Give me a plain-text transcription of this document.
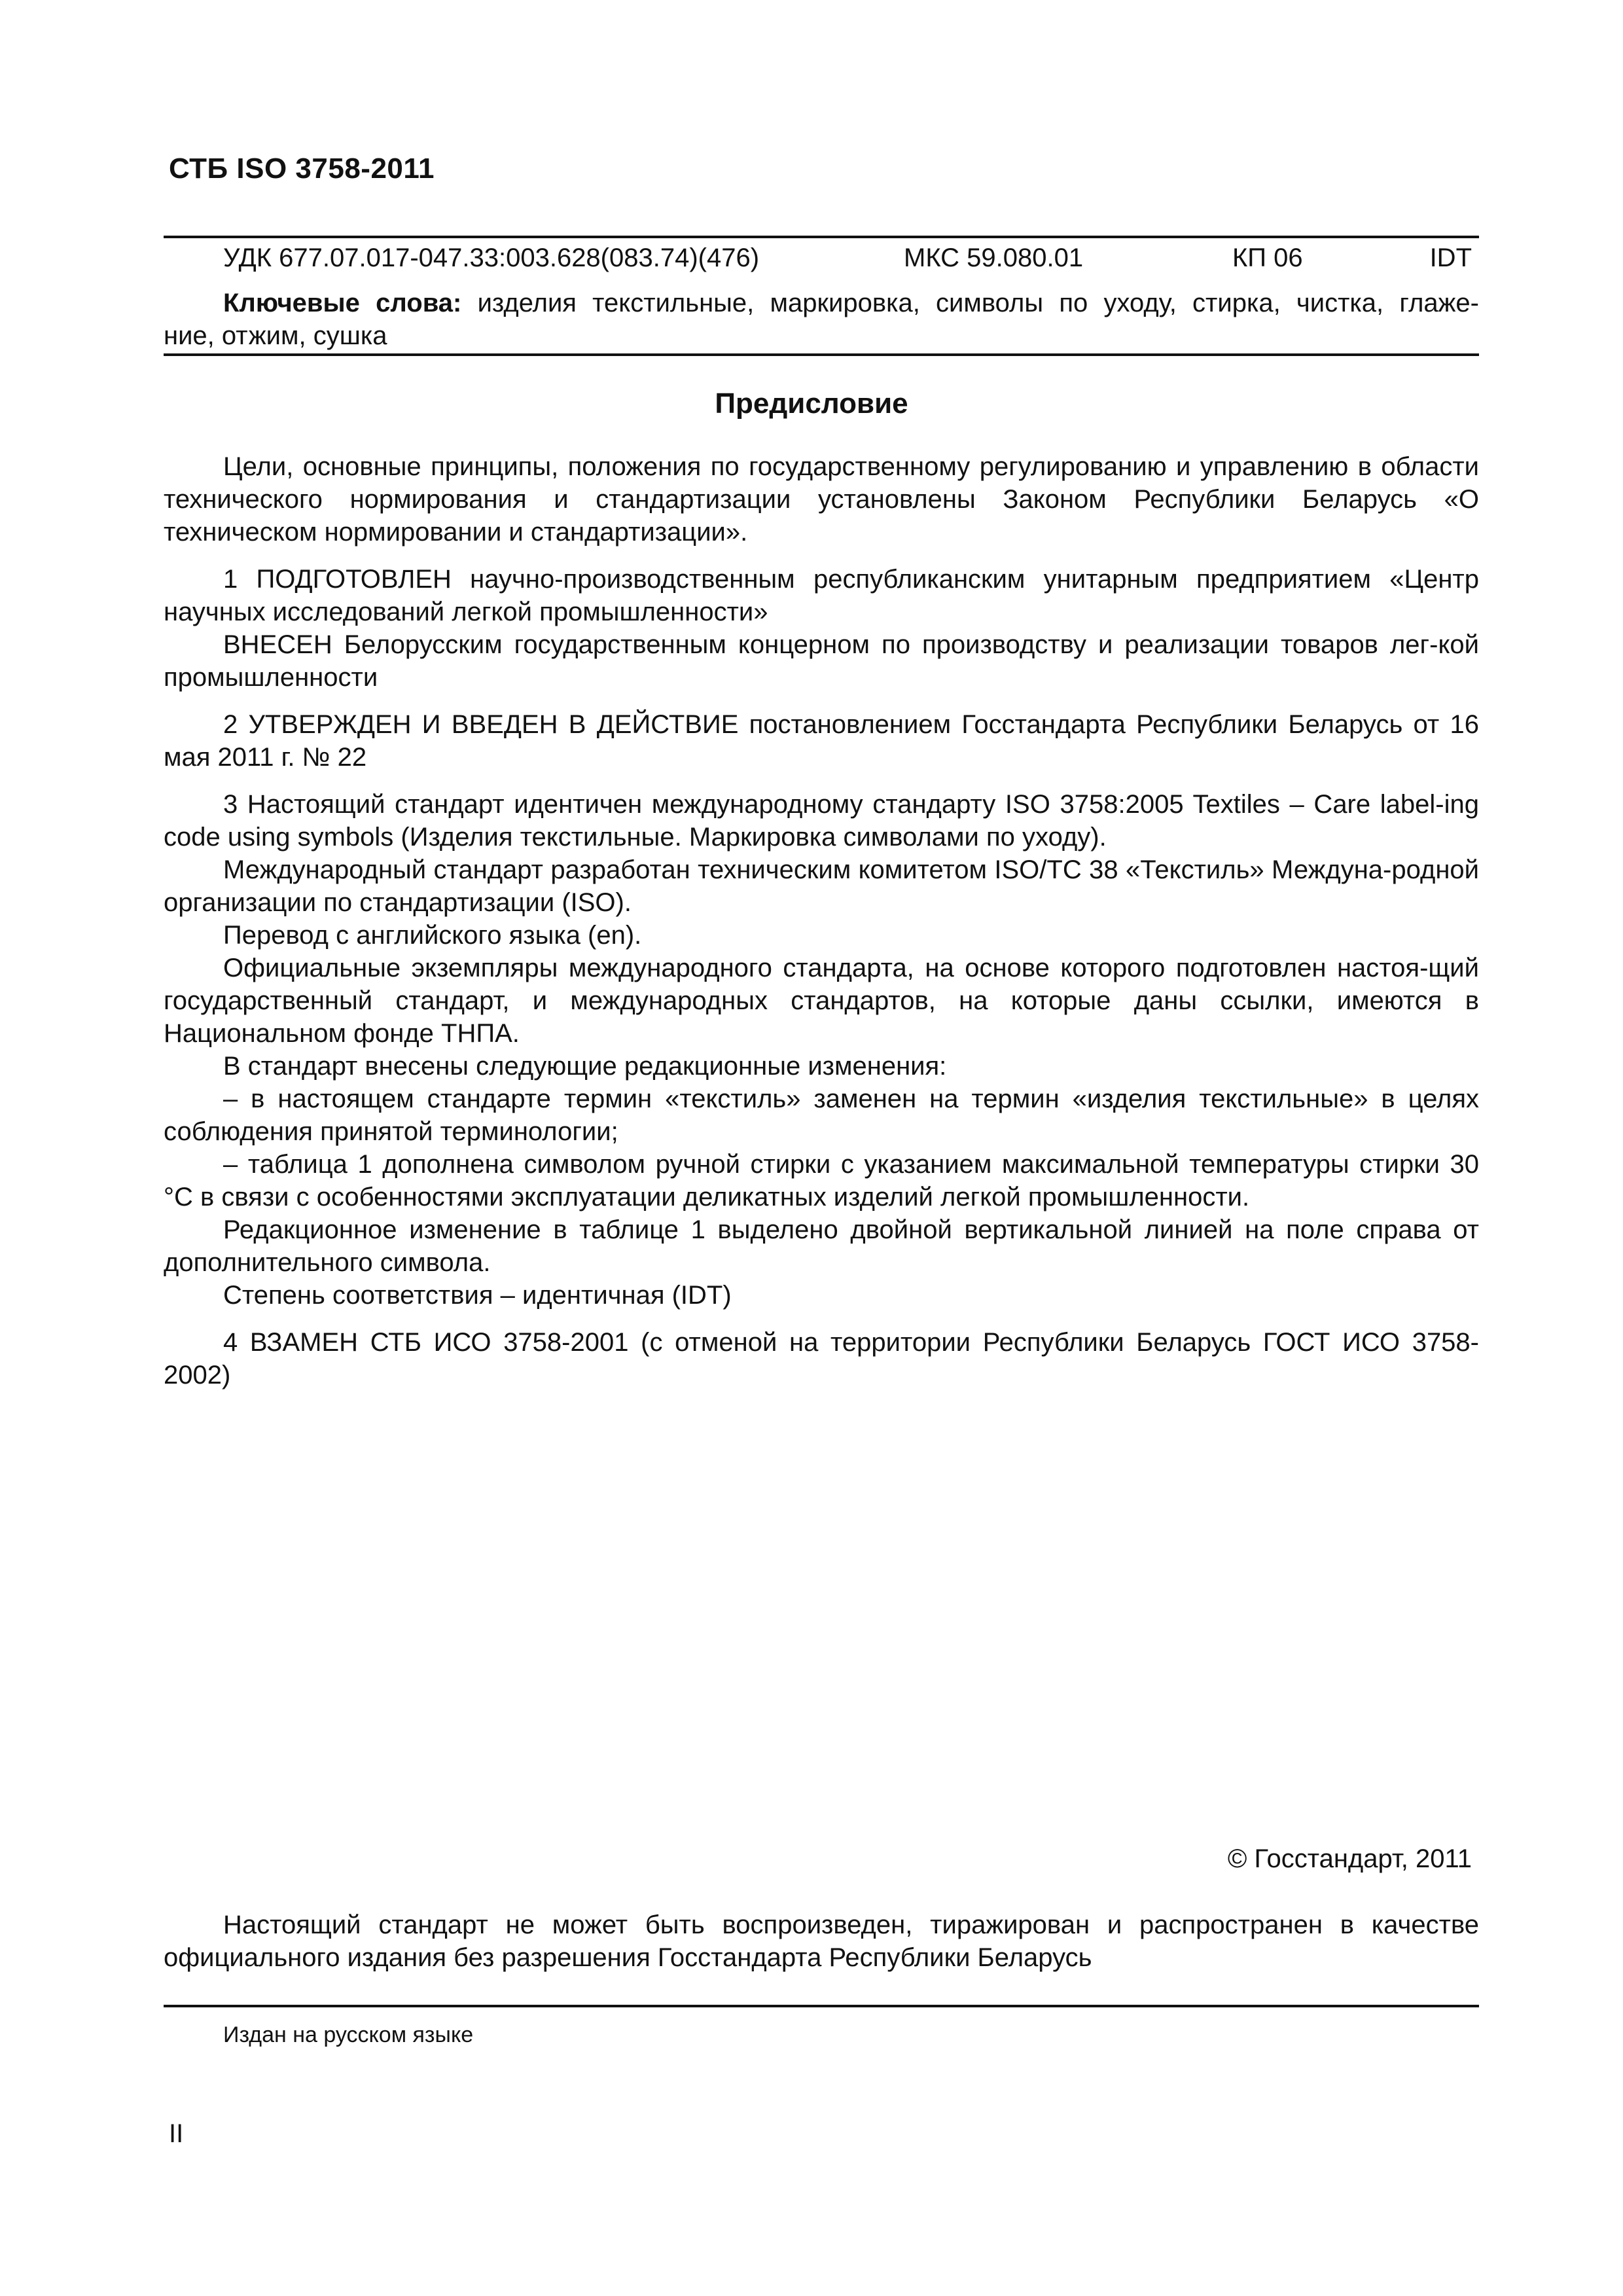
СТБ ISO 3758-2011
УДК 677.07.017-047.33:003.628(083.74)(476)	МКС 59.080.01	КП 06	IDT
Ключевые слова: изделия текстильные, маркировка, символы по уходу, стирка, чистка, глаже-
ние, отжим, сушка
Предисловие

Цели, основные принципы, положения по государственному регулированию и управлению в области технического нормирования и стандартизации установлены Законом Республики Беларусь «О техническом нормировании и стандартизации».

1 ПОДГОТОВЛЕН научно-производственным республиканским унитарным предприятием «Центр научных исследований легкой промышленности»

ВНЕСЕН Белорусским государственным концерном по производству и реализации товаров лег-кой промышленности

2 УТВЕРЖДЕН И ВВЕДЕН В ДЕЙСТВИЕ постановлением Госстандарта Республики Беларусь от 16 мая 2011 г. № 22

3 Настоящий стандарт идентичен международному стандарту ISO 3758:2005 Textiles – Care label-ing code using symbols (Изделия текстильные. Маркировка символами по уходу).

Международный стандарт разработан техническим комитетом ISO/TC 38 «Текстиль» Междуна-родной организации по стандартизации (ISO).

Перевод с английского языка (en).

Официальные экземпляры международного стандарта, на основе которого подготовлен настоя-щий государственный стандарт, и международных стандартов, на которые даны ссылки, имеются в Национальном фонде ТНПА.

В стандарт внесены следующие редакционные изменения:

– в настоящем стандарте термин «текстиль» заменен на термин «изделия текстильные» в целях соблюдения принятой терминологии;

– таблица 1 дополнена символом ручной стирки с указанием максимальной температуры стирки 30 °С в связи с особенностями эксплуатации деликатных изделий легкой промышленности.

Редакционное изменение в таблице 1 выделено двойной вертикальной линией на поле справа от дополнительного символа.

Степень соответствия – идентичная (IDT)

4 ВЗАМЕН СТБ ИСО 3758-2001 (с отменой на территории Республики Беларусь ГОСТ ИСО 3758-2002)

© Госстандарт, 2011
Настоящий стандарт не может быть воспроизведен, тиражирован и распространен в качестве официального издания без разрешения Госстандарта Республики Беларусь
Издан на русском языке
II
